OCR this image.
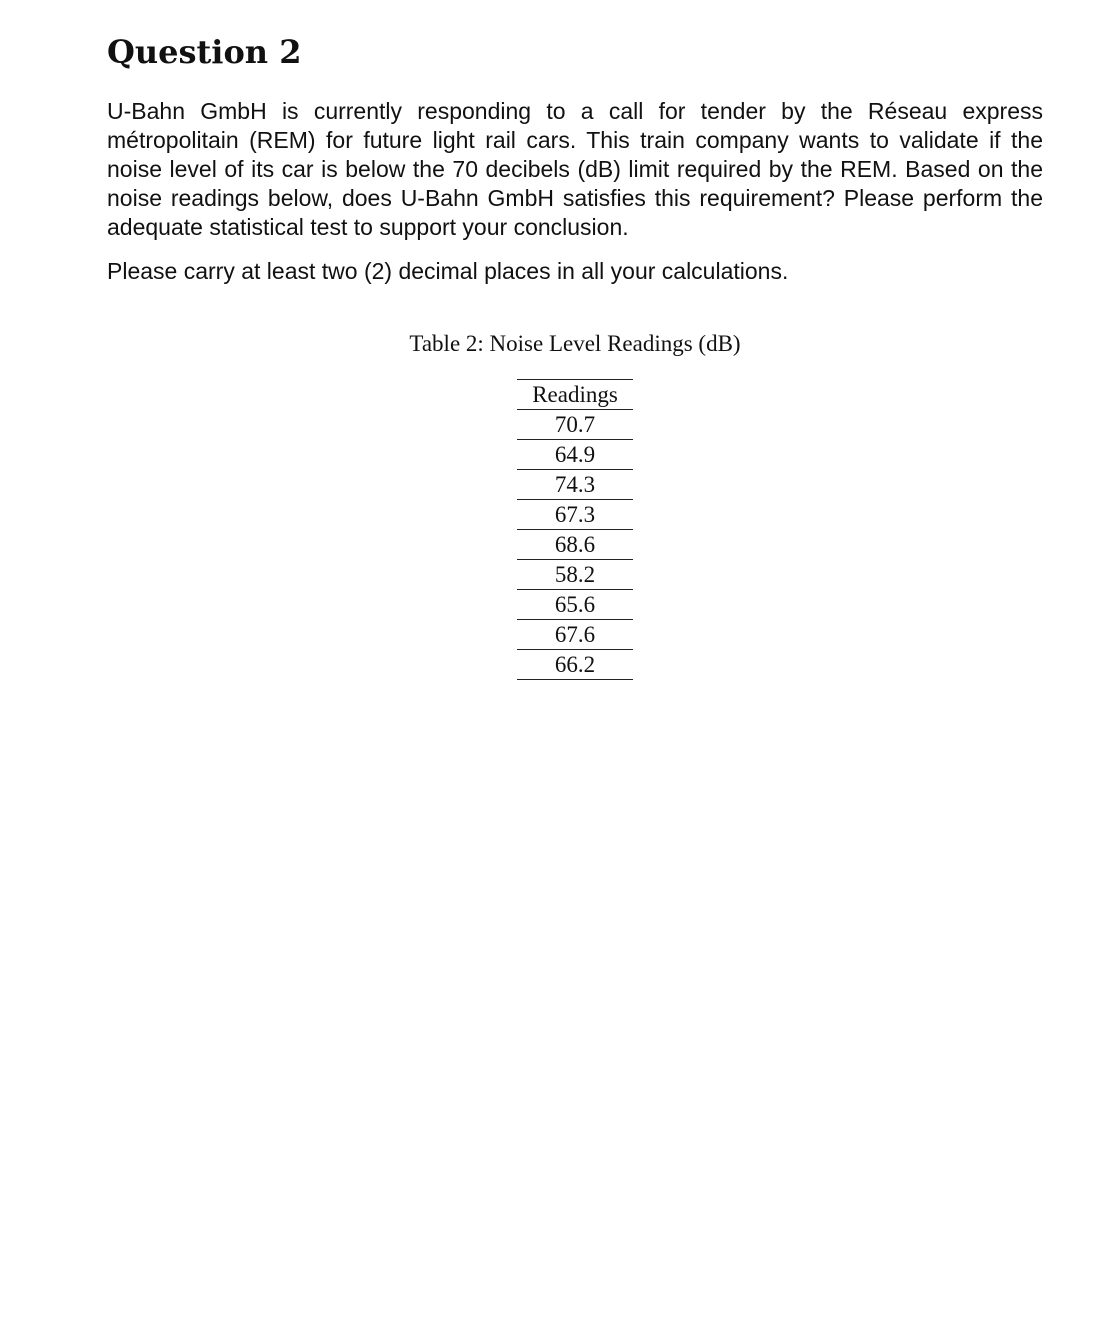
Question 2

U-Bahn GmbH is currently responding to a call for tender by the Réseau express métropolitain (REM) for future light rail cars. This train company wants to validate if the noise level of its car is below the 70 decibels (dB) limit required by the REM. Based on the noise readings below, does U-Bahn GmbH satisfies this requirement? Please perform the adequate statistical test to support your conclusion.

Please carry at least two (2) decimal places in all your calculations.

Table 2: Noise Level Readings (dB)

Readings
70.7
64.9
74.3
67.3
68.6
58.2
65.6
67.6
66.2
